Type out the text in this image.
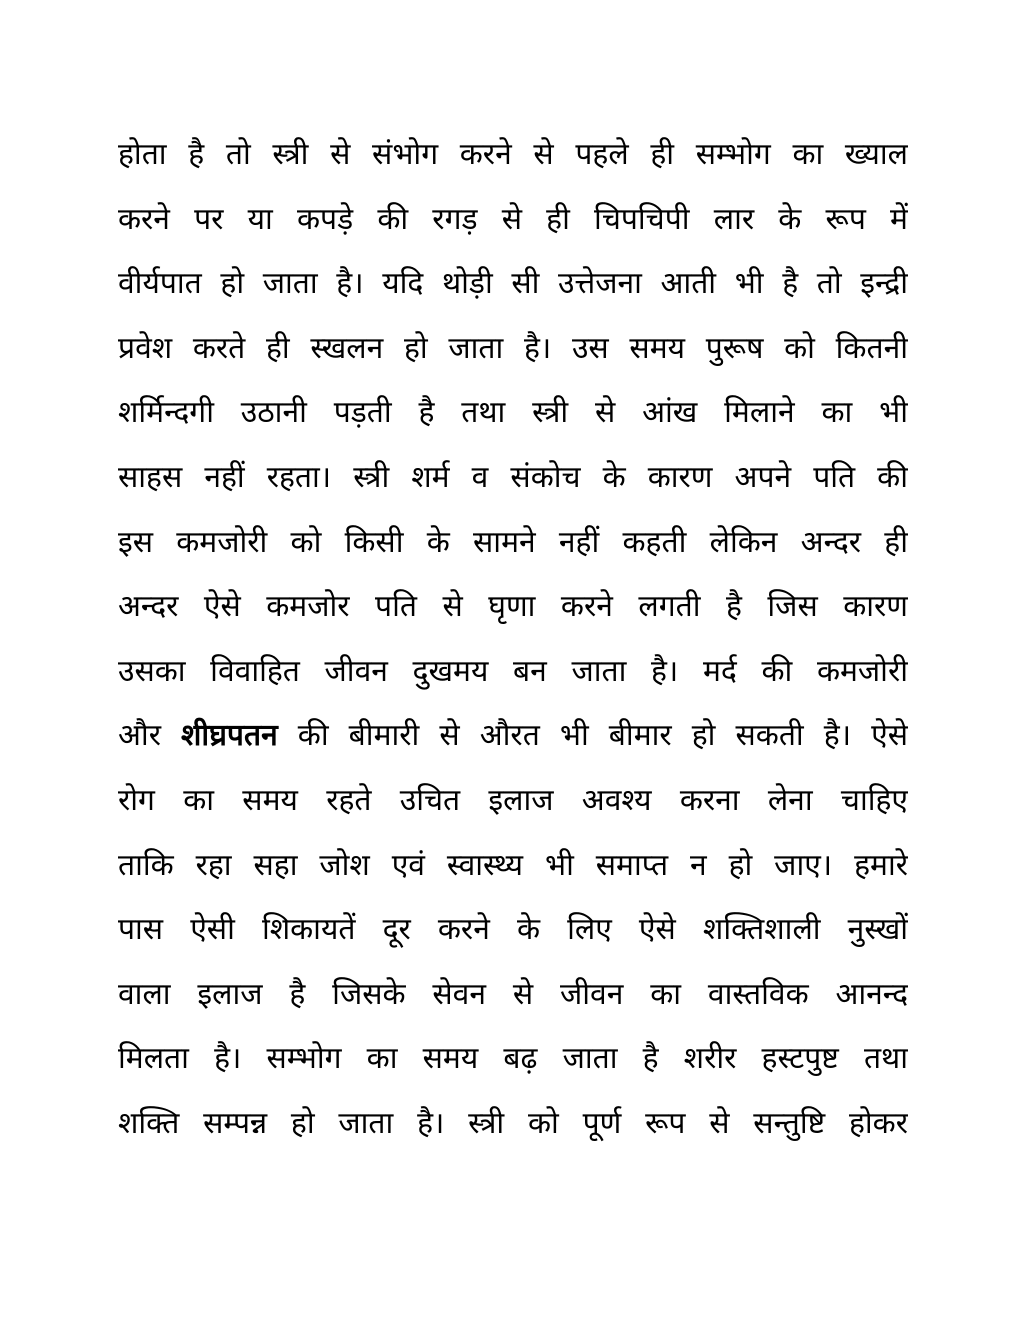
होता है तो स्त्री से संभोग करने से पहले ही सम्भोग का ख्याल
करने पर या कपड़े की रगड़ से ही चिपचिपी लार के रूप में
वीर्यपात हो जाता है। यदि थोड़ी सी उत्तेजना आती भी है तो इन्द्री
प्रवेश करते ही स्खलन हो जाता है। उस समय पुरूष को कितनी
शर्मिन्दगी उठानी पड़ती है तथा स्त्री से आंख मिलाने का भी
साहस नहीं रहता। स्त्री शर्म व संकोच के कारण अपने पति की
इस कमजोरी को किसी के सामने नहीं कहती लेकिन अन्दर ही
अन्दर ऐसे कमजोर पति से घृणा करने लगती है जिस कारण
उसका विवाहित जीवन दुखमय बन जाता है। मर्द की कमजोरी
और शीघ्रपतन की बीमारी से औरत भी बीमार हो सकती है। ऐसे
रोग का समय रहते उचित इलाज अवश्य करना लेना चाहिए
ताकि रहा सहा जोश एवं स्वास्थ्य भी समाप्त न हो जाए। हमारे
पास ऐसी शिकायतें दूर करने के लिए ऐसे शक्तिशाली नुस्खों
वाला इलाज है जिसके सेवन से जीवन का वास्तविक आनन्द
मिलता है। सम्भोग का समय बढ़ जाता है शरीर हस्टपुष्ट तथा
शक्ति सम्पन्न हो जाता है। स्त्री को पूर्ण रूप से सन्तुष्टि होकर
